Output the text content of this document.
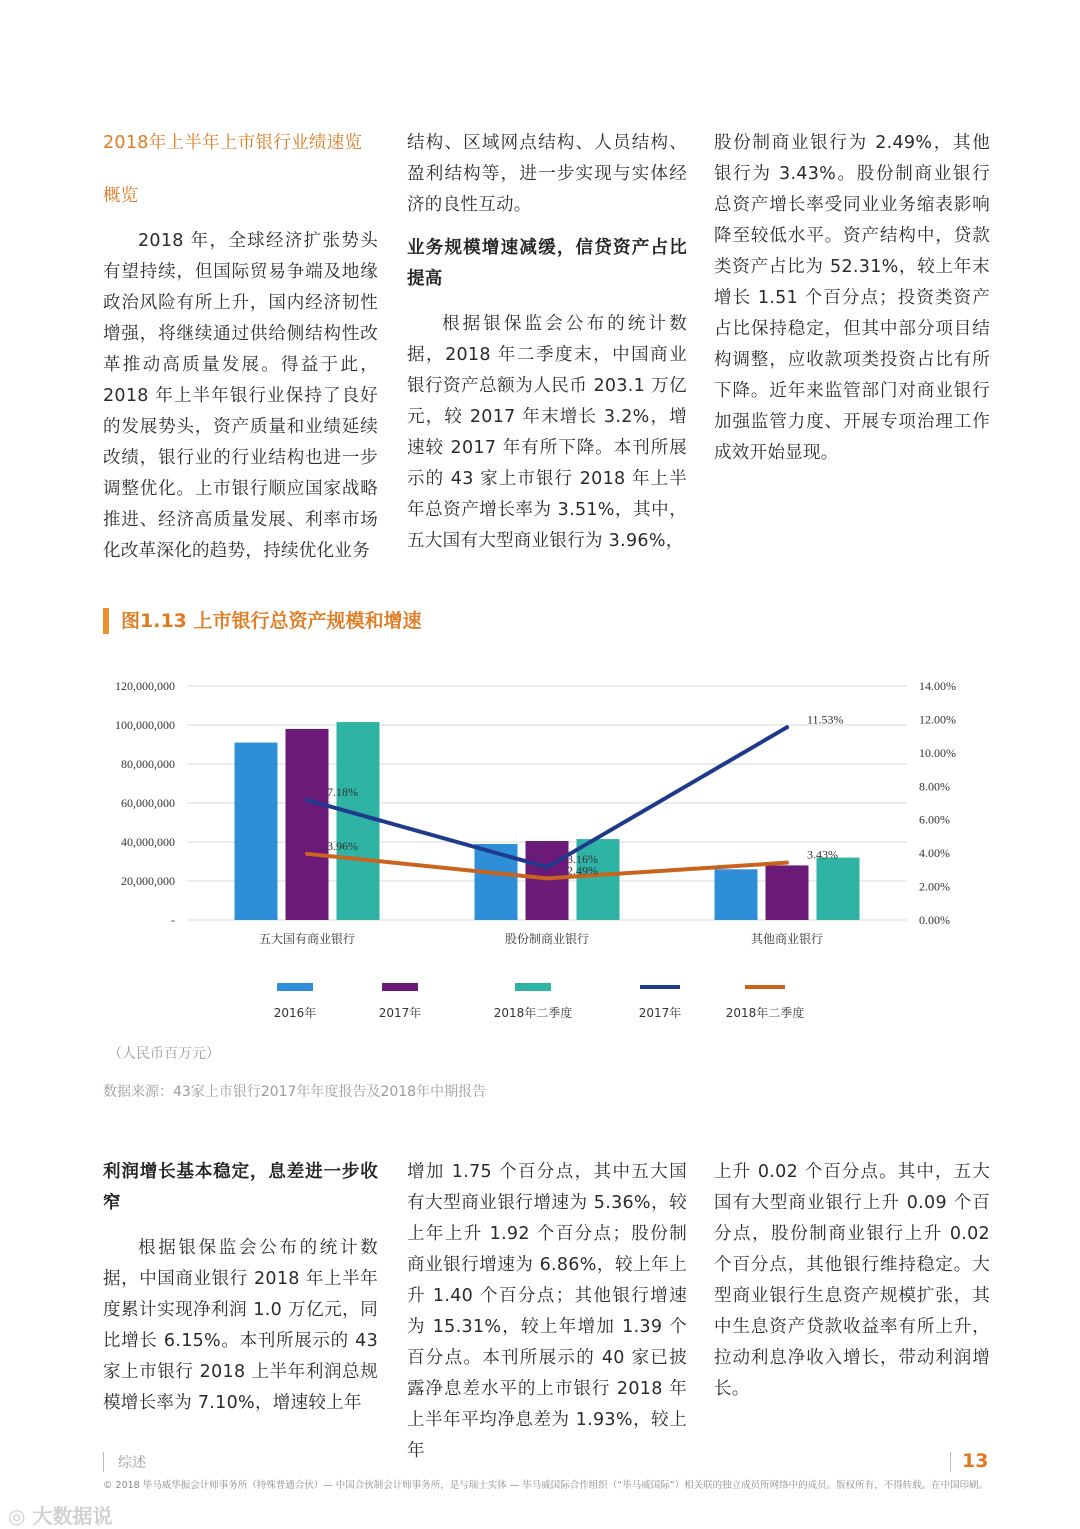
2018年上半年上市银行业绩速览

概览

2018 年，全球经济扩张势头有望持续，但国际贸易争端及地缘政治风险有所上升，国内经济韧性增强，将继续通过供给侧结构性改革推动高质量发展。得益于此，2018 年上半年银行业保持了良好的发展势头，资产质量和业绩延续改绩，银行业的行业结构也进一步调整优化。上市银行顺应国家战略推进、经济高质量发展、利率市场化改革深化的趋势，持续优化业务

结构、区域网点结构、人员结构、盈利结构等，进一步实现与实体经济的良性互动。

业务规模增速减缓，信贷资产占比提高

根据银保监会公布的统计数据，2018 年二季度末，中国商业银行资产总额为人民币 203.1 万亿元，较 2017 年末增长 3.2%，增速较 2017 年有所下降。本刊所展示的 43 家上市银行 2018 年上半年总资产增长率为 3.51%，其中，五大国有大型商业银行为 3.96%，

股份制商业银行为 2.49%，其他银行为 3.43%。股份制商业银行总资产增长率受同业业务缩表影响降至较低水平。资产结构中，贷款类资产占比为 52.31%，较上年末增长 1.51 个百分点；投资类资产占比保持稳定，但其中部分项目结构调整，应收款项类投资占比有所下降。近年来监管部门对商业银行加强监管力度、开展专项治理工作成效开始显现。

图1.13 上市银行总资产规模和增速
-
20,000,000
40,000,000
60,000,000
80,000,000
100,000,000
120,000,000
0.00%
2.00%
4.00%
6.00%
8.00%
10.00%
12.00%
14.00%
五大国有商业银行	股份制商业银行	其他商业银行
7.18%
3.16%
11.53%
3.96%
2.49%
3.43%
2016年	2017年	2018年二季度	2017年	2018年二季度
（人民币百万元）
数据来源：43家上市银行2017年年度报告及2018年中期报告

利润增长基本稳定，息差进一步收窄

根据银保监会公布的统计数据，中国商业银行 2018 年上半年度累计实现净利润 1.0 万亿元，同比增长 6.15%。本刊所展示的 43 家上市银行 2018 上半年利润总规模增长率为 7.10%，增速较上年

增加 1.75 个百分点，其中五大国有大型商业银行增速为 5.36%，较上年上升 1.92 个百分点；股份制商业银行增速为 6.86%，较上年上升 1.40 个百分点；其他银行增速为 15.31%，较上年增加 1.39 个百分点。本刊所展示的 40 家已披露净息差水平的上市银行 2018 年上半年平均净息差为 1.93%，较上年

上升 0.02 个百分点。其中，五大国有大型商业银行上升 0.09 个百分点，股份制商业银行上升 0.02 个百分点，其他银行维持稳定。大型商业银行生息资产规模扩张，其中生息资产贷款收益率有所上升，拉动利息净收入增长，带动利润增长。

综述	13
© 2018 毕马威华振会计师事务所（特殊普通合伙）— 中国合伙制会计师事务所，是与瑞士实体 — 毕马威国际合作组织（“毕马威国际”）相关联的独立成员所网络中的成员。版权所有，不得转载。在中国印刷。
◎ 大数据说
